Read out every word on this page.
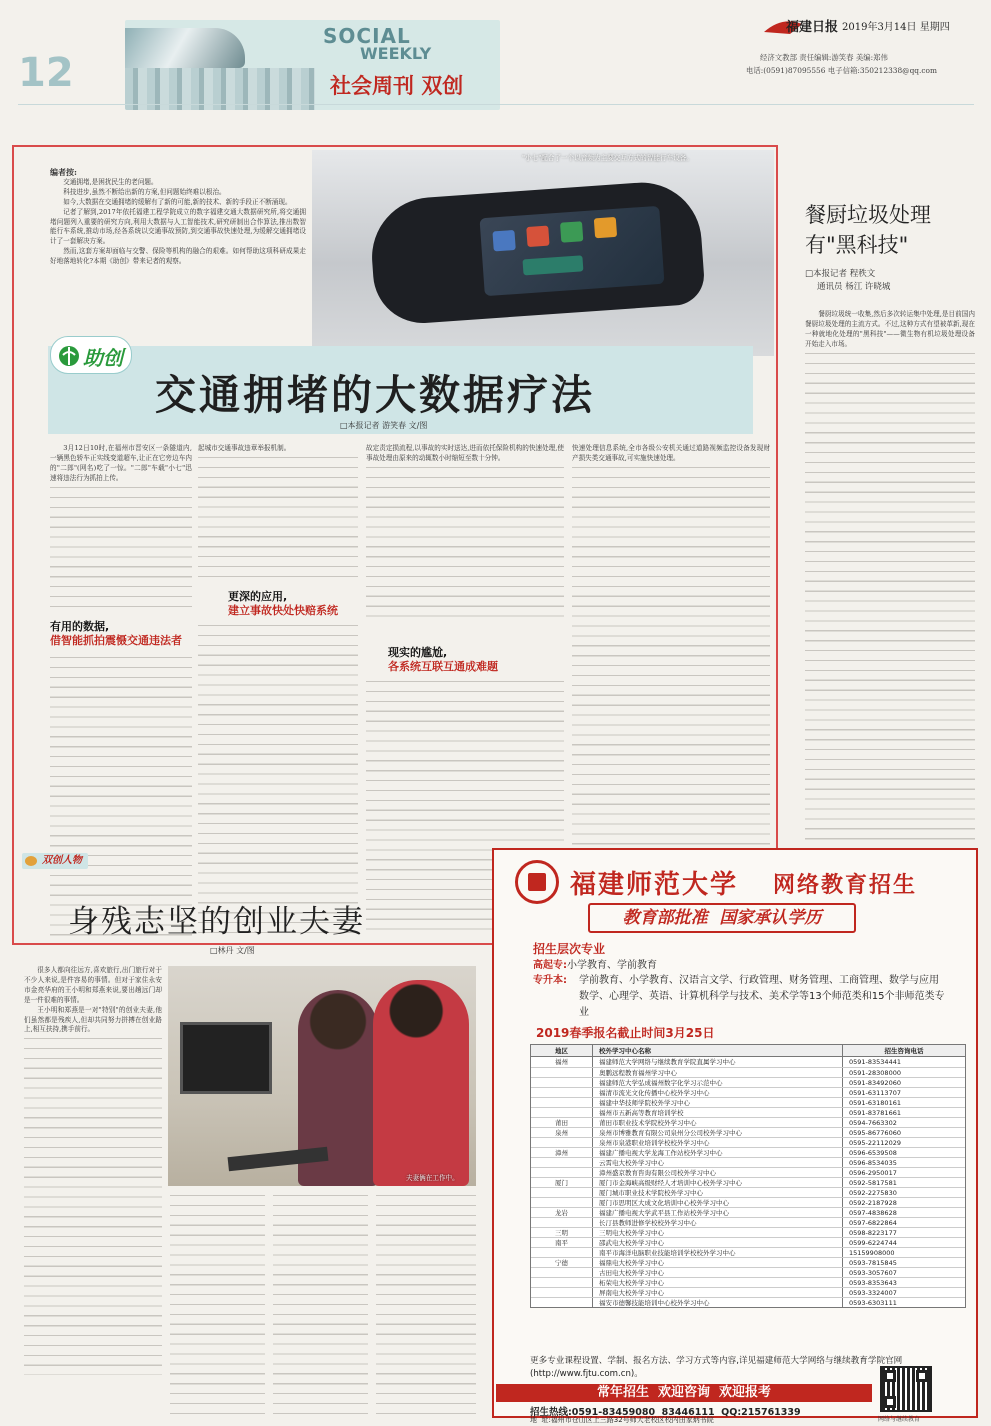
12
SOCIAL
WEEKLY
社会周刊 双创
福建日报 2019年3月14日 星期四
经济文教部 责任编辑:游笑春 美编:郑伟
电话:(0591)87095556 电子信箱:350212338@qq.com
"小七"配合了一个以音频为主要交互方式的智能行车设备。
编者按:

交通拥堵,是困扰民生的老问题。

科技进步,虽然不断给出新的方案,但问题始终难以根治。

如今,大数据在交通拥堵的缓解有了新的可能,新的技术、新的手段正不断涌现。

记者了解到,2017年依托福建工程学院成立的数字福建交通大数据研究所,将交通拥堵问题列入重要的研究方向,利用大数据与人工智能技术,研究研制出合作算法,推出数智能行车系统,推动市场,经各系统以交通事故预防,到交通事故快速处理,为缓解交通拥堵设计了一套解决方案。

然而,这套方案却面临与交警、保险等机构的融合的艰难。如何帮助这项科研成果走好地落地转化?本期《助创》带来记者的观察。

助创
交通拥堵的大数据疗法
□本报记者 游笑春 文/图

3月12日10时,在福州市晋安区一条隧道内,一辆黑色轿车正实线变道超车,让正在它旁边车内的"二郎"(网名)吃了一惊。"二郎"车载"小七"迅速将违法行为抓拍上传。

有用的数据,
借智能抓拍震慑交通违法者
起城市交通事故违章举报机制。
更深的应用,
建立事故快处快赔系统
故定责定损流程,以事故的实时送达,进而依托保险机构的快速处理,使事故处理由原来的动辄数小时缩短至数十分钟。
现实的尴尬,
各系统互联互通成难题
快速处理信息系统,全市各级公安机关通过道路视频监控设备发现财产损失类交通事故,可实施快速处理。
餐厨垃圾处理
有"黑科技"
□本报记者 程秩文
通讯员 杨江 许晓城

餐厨垃圾统一收集,然后多次转运集中处理,是目前国内餐厨垃圾处理的主流方式。不过,这种方式有望被革新,现在一种就地化处理的"黑科技"——微生物有机垃圾处理设备开始走入市场。

双创人物
身残志坚的创业夫妻
□林丹 文/图

很多人都向往远方,喜欢旅行,出门旅行对于不少人来说,是件容易的事情。但对于家住永安市金亮华府的王小明和郑燕来说,要出趟远门却是一件很难的事情。

王小明和郑燕是一对"特别"的创业夫妻,他们虽然都是残疾人,但却共同努力拼搏在创业路上,相互扶持,携手前行。

夫妻俩在工作中。
福建师范大学 网络教育招生
教育部批准  国家承认学历
招生层次专业
高起专:小学教育、学前教育
专升本: 学前教育、小学教育、汉语言文学、行政管理、财务管理、工商管理、数学与应用数学、心理学、英语、计算机科学与技术、美术学等13个师范类和15个非师范类专业
2019春季报名截止时间3月25日
地区	校外学习中心名称	招生咨询电话
福州	福建师范大学网络与继续教育学院直属学习中心	0591-83534441
奥鹏远程教育福州学习中心	0591-28308000
福建师范大学弘成福州数字化学习示范中心	0591-83492060
福清市流光文化传播中心校外学习中心	0591-63113707
福建中华技师学院校外学习中心	0591-63180161
福州市五新高等教育培训学校	0591-83781661
莆田	莆田市职业技术学院校外学习中心	0594-7663302
泉州	泉州市博雅教育有限公司泉州分公司校外学习中心	0595-86776060
泉州市泉港职业培训学校校外学习中心	0595-22112029
漳州	福建广播电视大学龙海工作站校外学习中心	0596-6539508
云霄电大校外学习中心	0596-8534035
漳州盛京教育咨询有限公司校外学习中心	0596-2950017
厦门	厦门市金海峡高级财经人才培训中心校外学习中心	0592-5817581
厦门城市职业技术学院校外学习中心	0592-2275830
厦门市思明区大成文化培训中心校外学习中心	0592-2187928
龙岩	福建广播电视大学武平县工作站校外学习中心	0597-4838628
长汀县教师进修学校校外学习中心	0597-6822864
三明	三明电大校外学习中心	0598-8223177
南平	邵武电大校外学习中心	0599-6224744
南平市海洋电脑职业技能培训学校校外学习中心	15159908000
宁德	福鼎电大校外学习中心	0593-7815845
古田电大校外学习中心	0593-3057607
柘荣电大校外学习中心	0593-8353643
屏南电大校外学习中心	0593-3324007
福安市德馨技能培训中心校外学习中心	0593-6303111
更多专业课程设置、学制、报名方法、学习方式等内容,详见福建师范大学网络与继续教育学院官网(http://www.fjtu.com.cn)。
常年招生  欢迎咨询  欢迎报考
招生热线:0591-83459080  83446111  QQ:215761339
地  址:福州市仓山区上三路32号师大老校区校内田家炳书院	网络与继续教育
